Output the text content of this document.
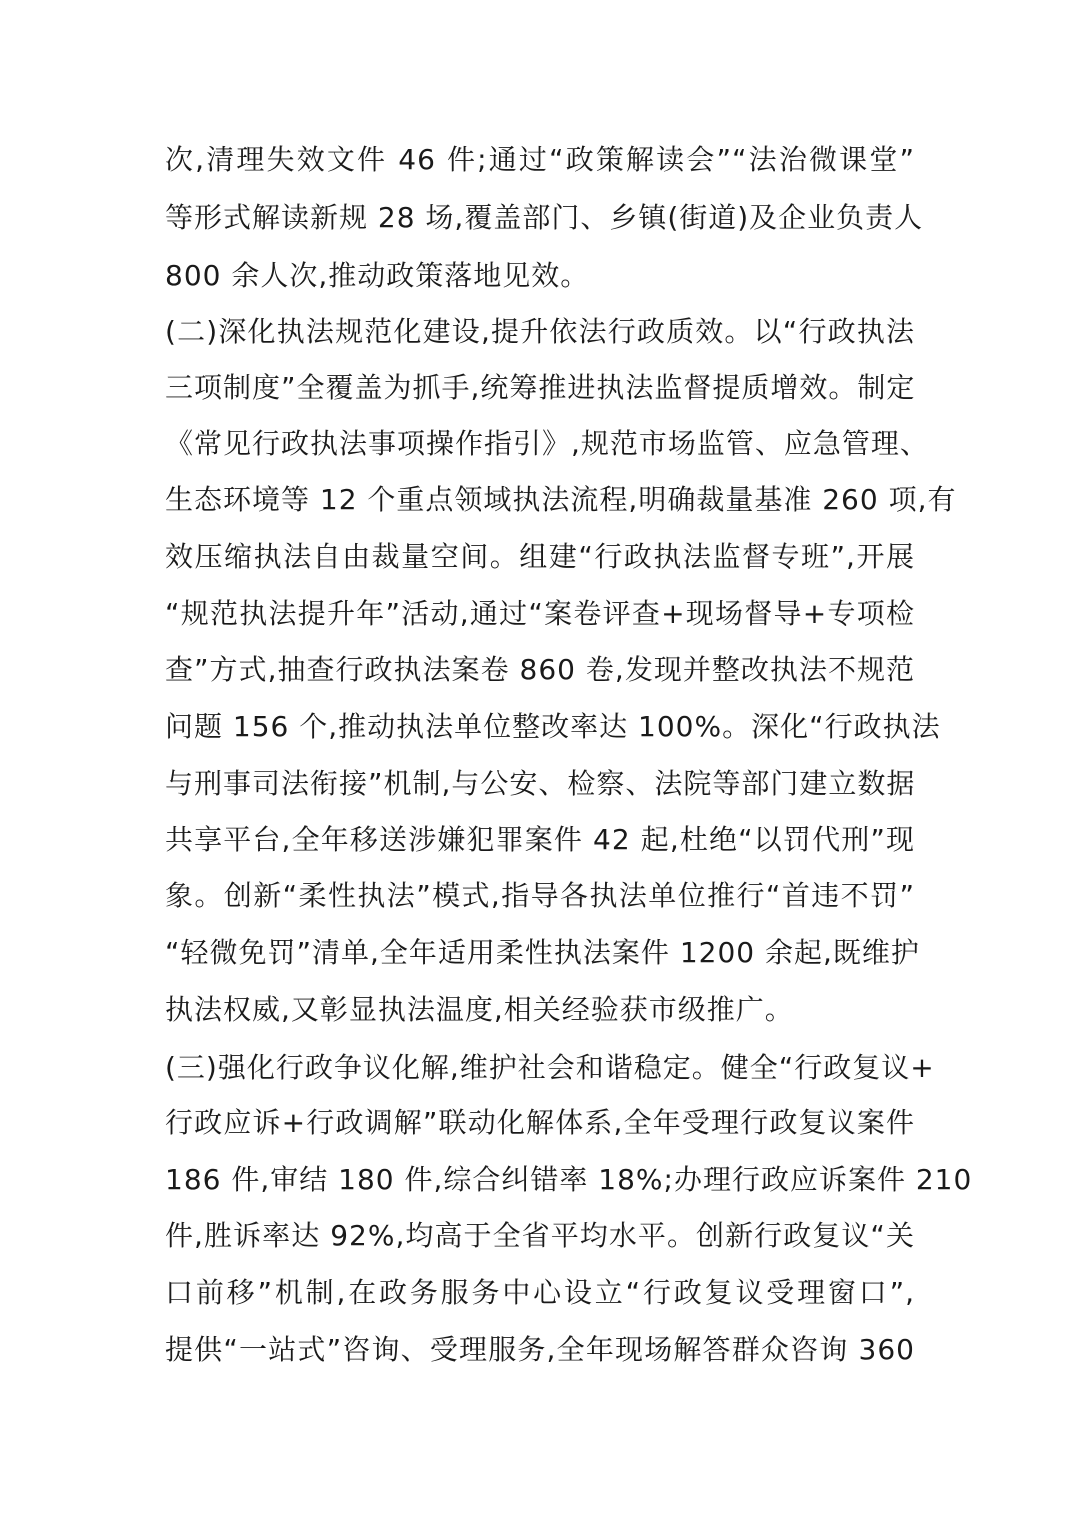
次,清理失效文件 46 件;通过“政策解读会”“法治微课堂”
等形式解读新规 28 场,覆盖部门、乡镇(街道)及企业负责人
800 余人次,推动政策落地见效。
(二)深化执法规范化建设,提升依法行政质效。以“行政执法
三项制度”全覆盖为抓手,统筹推进执法监督提质增效。制定
《常见行政执法事项操作指引》,规范市场监管、应急管理、
生态环境等 12 个重点领域执法流程,明确裁量基准 260 项,有
效压缩执法自由裁量空间。组建“行政执法监督专班”,开展
“规范执法提升年”活动,通过“案卷评查+现场督导+专项检
查”方式,抽查行政执法案卷 860 卷,发现并整改执法不规范
问题 156 个,推动执法单位整改率达 100%。深化“行政执法
与刑事司法衔接”机制,与公安、检察、法院等部门建立数据
共享平台,全年移送涉嫌犯罪案件 42 起,杜绝“以罚代刑”现
象。创新“柔性执法”模式,指导各执法单位推行“首违不罚”
“轻微免罚”清单,全年适用柔性执法案件 1200 余起,既维护
执法权威,又彰显执法温度,相关经验获市级推广。
(三)强化行政争议化解,维护社会和谐稳定。健全“行政复议+
行政应诉+行政调解”联动化解体系,全年受理行政复议案件
186 件,审结 180 件,综合纠错率 18%;办理行政应诉案件 210
件,胜诉率达 92%,均高于全省平均水平。创新行政复议“关
口前移”机制,在政务服务中心设立“行政复议受理窗口”,
提供“一站式”咨询、受理服务,全年现场解答群众咨询 360
